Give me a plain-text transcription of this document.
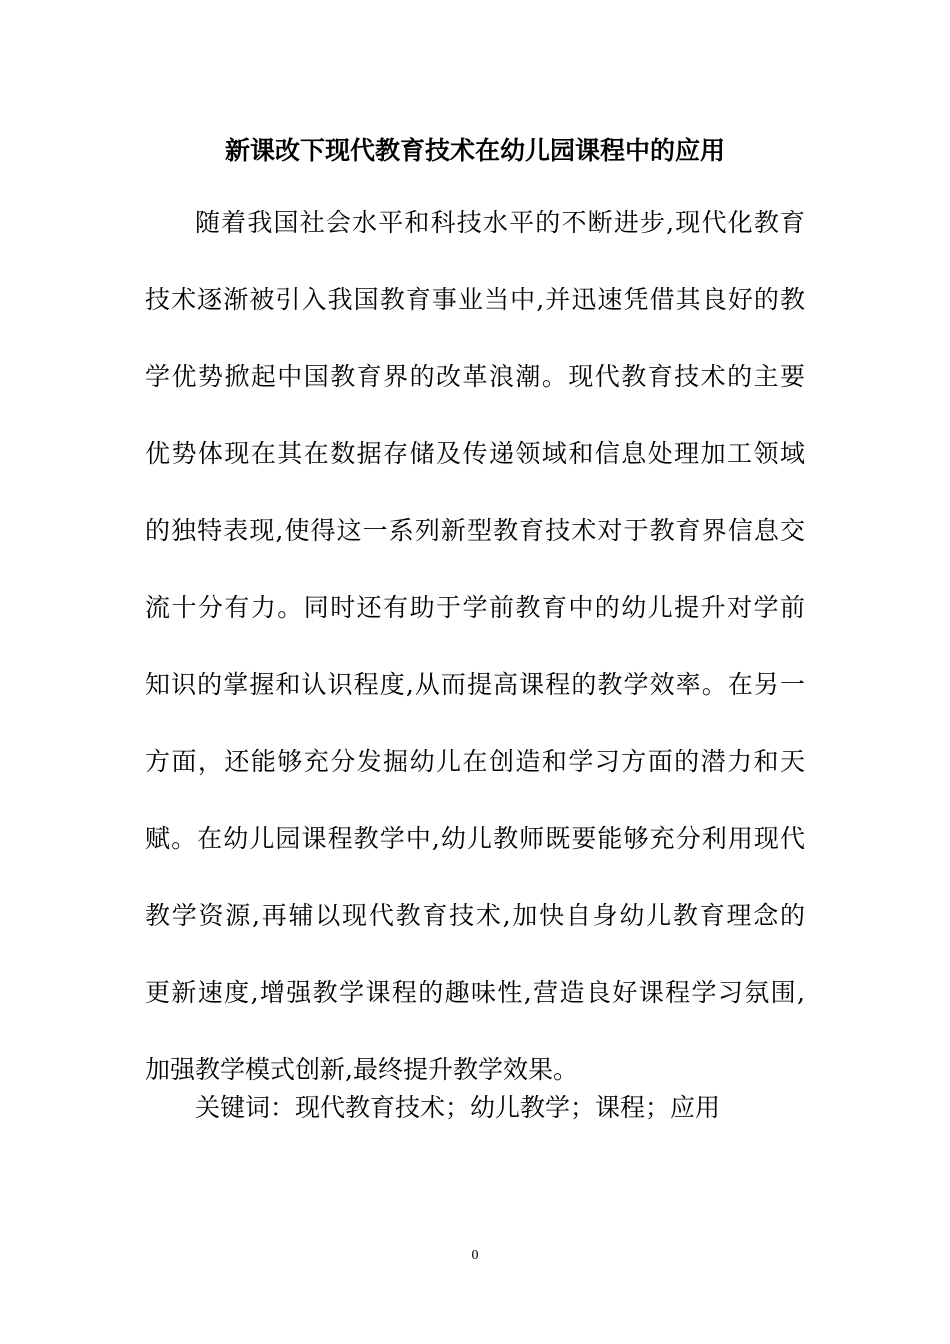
新课改下现代教育技术在幼儿园课程中的应用
随着我国社会水平和科技水平的不断进步,现代化教育
技术逐渐被引入我国教育事业当中,并迅速凭借其良好的教
学优势掀起中国教育界的改革浪潮。现代教育技术的主要
优势体现在其在数据存储及传递领域和信息处理加工领域
的独特表现,使得这一系列新型教育技术对于教育界信息交
流十分有力。同时还有助于学前教育中的幼儿提升对学前
知识的掌握和认识程度,从而提高课程的教学效率。在另一
方面，还能够充分发掘幼儿在创造和学习方面的潜力和天
赋。在幼儿园课程教学中,幼儿教师既要能够充分利用现代
教学资源,再辅以现代教育技术,加快自身幼儿教育理念的
更新速度,增强教学课程的趣味性,营造良好课程学习氛围,
加强教学模式创新,最终提升教学效果。
关键词：现代教育技术；幼儿教学；课程；应用
0
